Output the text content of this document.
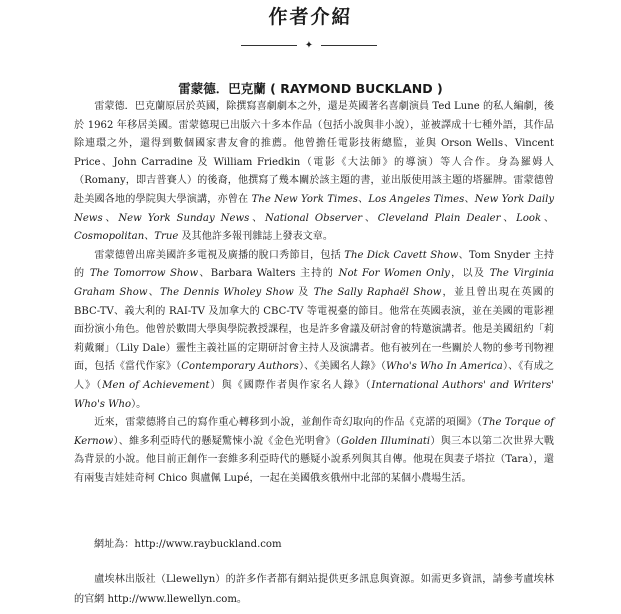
作者介紹
✦
雷蒙德．巴克蘭 ( RAYMOND BUCKLAND )

雷蒙德．巴克蘭原居於英國，除撰寫喜劇劇本之外，還是英國著名喜劇演員 Ted Lune 的私人編劇，後於 1962 年移居美國。雷蒙德現已出版六十多本作品（包括小說與非小說），並被譯成十七種外語，其作品除連環之外，還得到數個國家書友會的推薦。他曾擔任電影技術總監，並與 Orson Wells、Vincent Price、John Carradine 及 William Friedkin（電影《大法師》的導演）等人合作。身為羅姆人（Romany，即吉普賽人）的後裔，他撰寫了幾本關於該主題的書，並出版使用該主題的塔羅牌。雷蒙德曾赴美國各地的學院與大學演講，亦曾在 The New York Times、Los Angeles Times、New York Daily News、New York Sunday News、National Observer、Cleveland Plain Dealer、Look、Cosmopolitan、True 及其他許多報刊雜誌上發表文章。

雷蒙德曾出席美國許多電視及廣播的脫口秀節目，包括 The Dick Cavett Show、Tom Snyder 主持的 The Tomorrow Show、Barbara Walters 主持的 Not For Women Only，以及 The Virginia Graham Show、The Dennis Wholey Show 及 The Sally Raphaël Show，並且曾出現在英國的 BBC-TV、義大利的 RAI-TV 及加拿大的 CBC-TV 等電視臺的節目。他常在英國表演，並在美國的電影裡面扮演小角色。他曾於數間大學與學院教授課程，也是許多會議及研討會的特邀演講者。他是美國紐約「莉莉戴爾」（Lily Dale）靈性主義社區的定期研討會主持人及演講者。他有被列在一些關於人物的參考刊物裡面，包括《當代作家》（Contemporary Authors）、《美國名人錄》（Who's Who In America）、《有成之人》（Men of Achievement）與《國際作者與作家名人錄》（International Authors' and Writers' Who's Who）。

近來，雷蒙德將自己的寫作重心轉移到小說，並創作奇幻取向的作品《克諾的項圈》（The Torque of Kernow）、維多利亞時代的懸疑驚悚小說《金色光明會》（Golden Illuminati）與三本以第二次世界大戰為背景的小說。他目前正創作一套維多利亞時代的懸疑小說系列與其自傳。他現在與妻子塔拉（Tara），還有兩隻吉娃娃奇柯 Chico 與盧佩 Lupé，一起在美國俄亥俄州中北部的某個小農場生活。

網址為：http://www.raybuckland.com

盧埃林出版社（Llewellyn）的許多作者都有網站提供更多訊息與資源。如需更多資訊，請參考盧埃林的官網 http://www.llewellyn.com。
